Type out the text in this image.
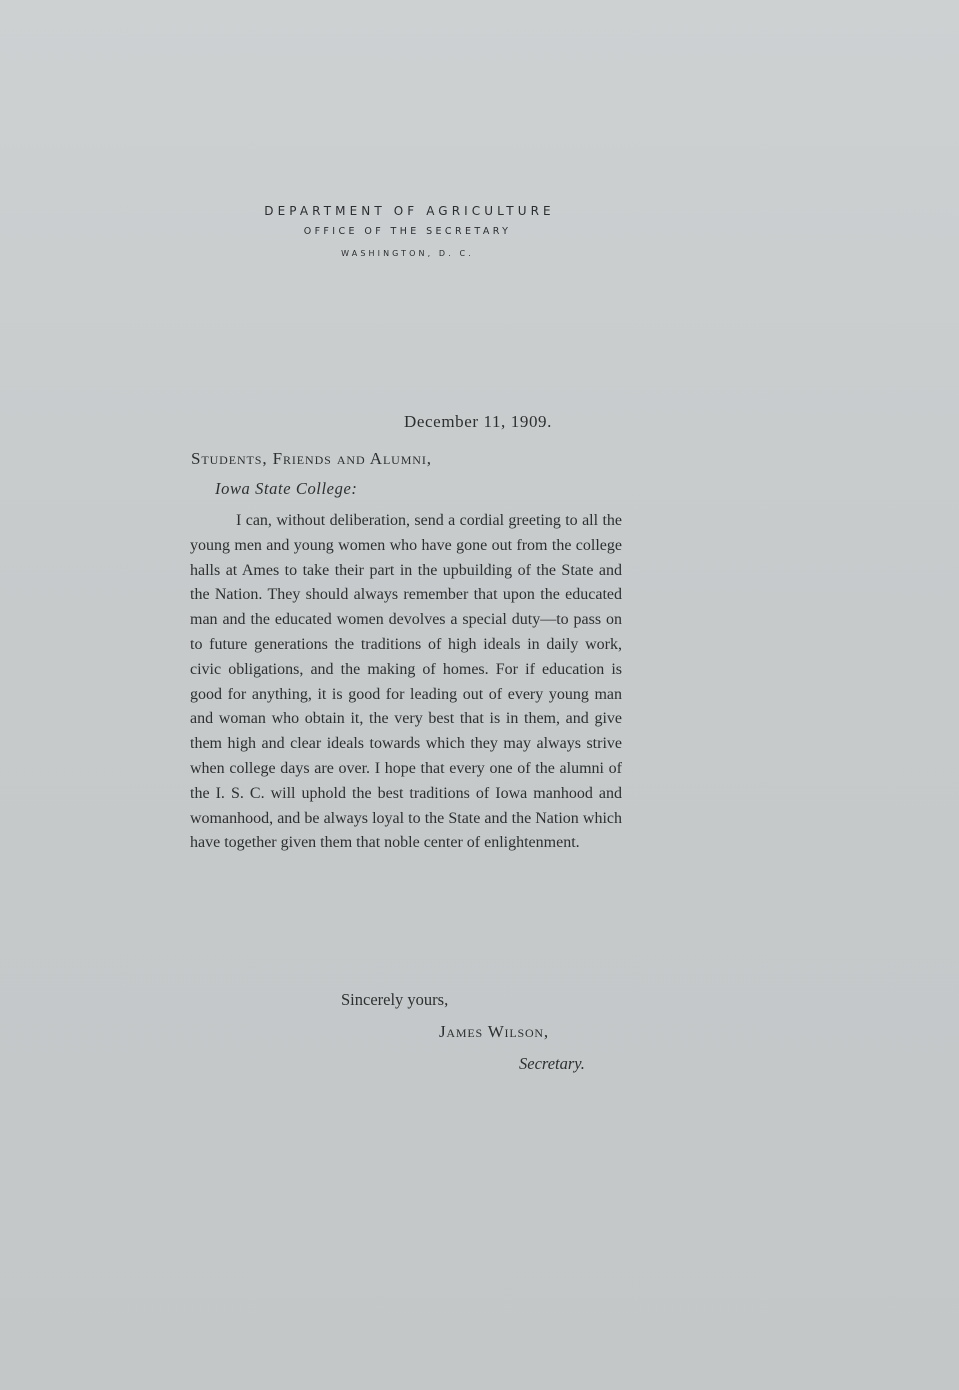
DEPARTMENT OF AGRICULTURE
OFFICE OF THE SECRETARY
WASHINGTON, D. C.
December 11, 1909.
Students, Friends and Alumni,
Iowa State College:

I can, without deliberation, send a cordial greeting to all the young men and young women who have gone out from the college halls at Ames to take their part in the upbuilding of the State and the Nation. They should always remember that upon the educated man and the educated women devolves a special duty—to pass on to future generations the traditions of high ideals in daily work, civic obligations, and the making of homes. For if education is good for anything, it is good for leading out of every young man and woman who obtain it, the very best that is in them, and give them high and clear ideals towards which they may always strive when college days are over. I hope that every one of the alumni of the I. S. C. will uphold the best traditions of Iowa manhood and womanhood, and be always loyal to the State and the Nation which have together given them that noble center of enlightenment.

Sincerely yours,
James Wilson,
Secretary.
